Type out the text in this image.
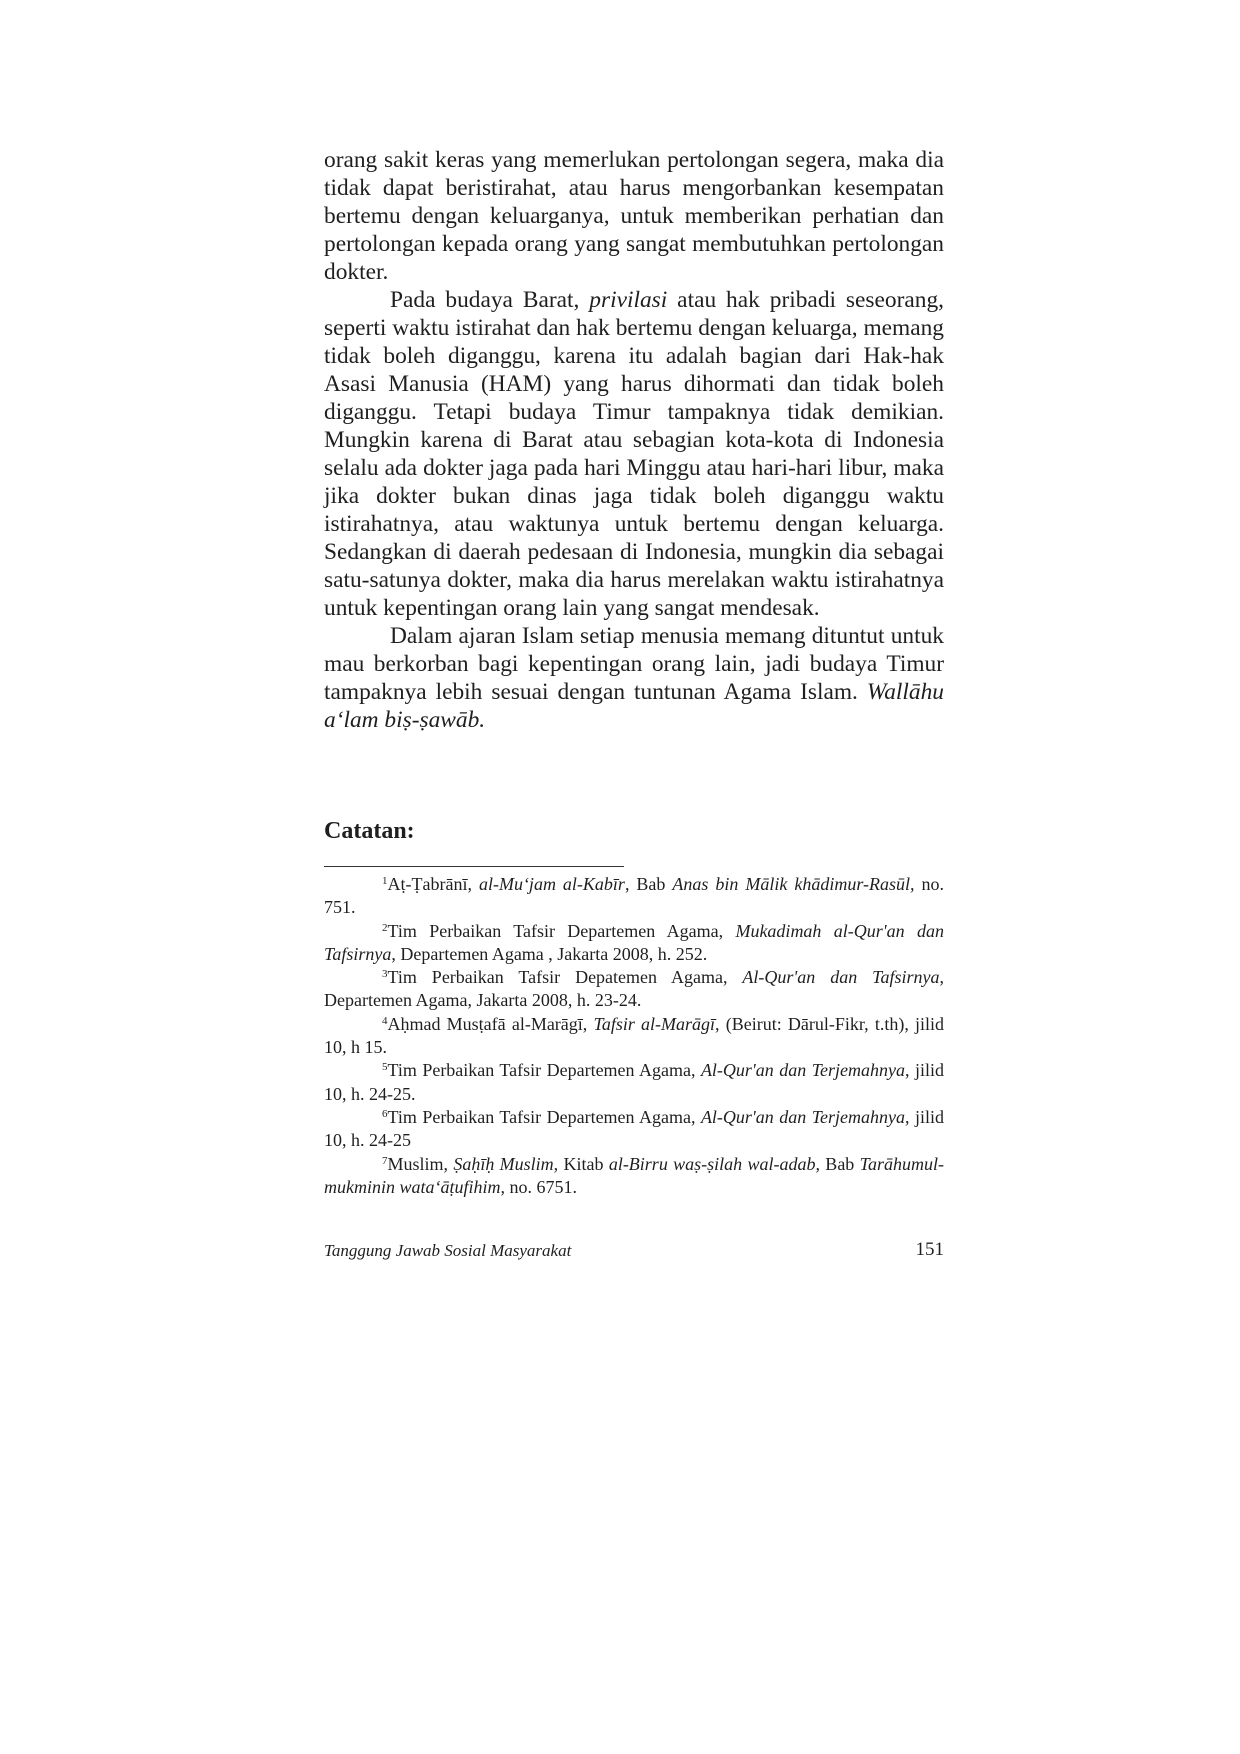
orang sakit keras yang memerlukan pertolongan segera, maka dia tidak dapat beristirahat, atau harus mengorbankan kesempatan bertemu dengan keluarganya, untuk memberikan perhatian dan pertolongan kepada orang yang sangat membutuhkan pertolongan dokter.

Pada budaya Barat, privilasi atau hak pribadi seseorang, seperti waktu istirahat dan hak bertemu dengan keluarga, memang tidak boleh diganggu, karena itu adalah bagian dari Hak-hak Asasi Manusia (HAM) yang harus dihormati dan tidak boleh diganggu. Tetapi budaya Timur tampaknya tidak demikian. Mungkin karena di Barat atau sebagian kota-kota di Indonesia selalu ada dokter jaga pada hari Minggu atau hari-hari libur, maka jika dokter bukan dinas jaga tidak boleh diganggu waktu istirahatnya, atau waktunya untuk bertemu dengan keluarga. Sedangkan di daerah pedesaan di Indonesia, mungkin dia sebagai satu-satunya dokter, maka dia harus merelakan waktu istirahatnya untuk kepentingan orang lain yang sangat mendesak.

Dalam ajaran Islam setiap menusia memang dituntut untuk mau berkorban bagi kepentingan orang lain, jadi budaya Timur tampaknya lebih sesuai dengan tuntunan Agama Islam. Wallāhu a‘lam biṣ-ṣawāb.

Catatan:

$^1$Aṭ-Ṭabrānī, al-Mu‘jam al-Kabīr, Bab Anas bin Mālik khādimur-Rasūl, no. 751.

$^2$Tim Perbaikan Tafsir Departemen Agama, Mukadimah al-Qur'an dan Tafsirnya, Departemen Agama , Jakarta 2008, h. 252.

$^3$Tim Perbaikan Tafsir Depatemen Agama, Al-Qur'an dan Tafsirnya, Departemen Agama, Jakarta 2008, h. 23-24.

$^4$Aḥmad Musṭafā al-Marāgī, Tafsir al-Marāgī, (Beirut: Dārul-Fikr, t.th), jilid 10, h 15.

$^5$Tim Perbaikan Tafsir Departemen Agama, Al-Qur'an dan Terjemahnya, jilid 10, h. 24-25.

$^6$Tim Perbaikan Tafsir Departemen Agama, Al-Qur'an dan Terjemahnya, jilid 10, h. 24-25

$^7$Muslim, Ṣaḥīḥ Muslim, Kitab al-Birru waṣ-ṣilah wal-adab, Bab Tarāhumul-mukminin wata‘āṭufihim, no. 6751.

Tanggung Jawab Sosial Masyarakat	151
